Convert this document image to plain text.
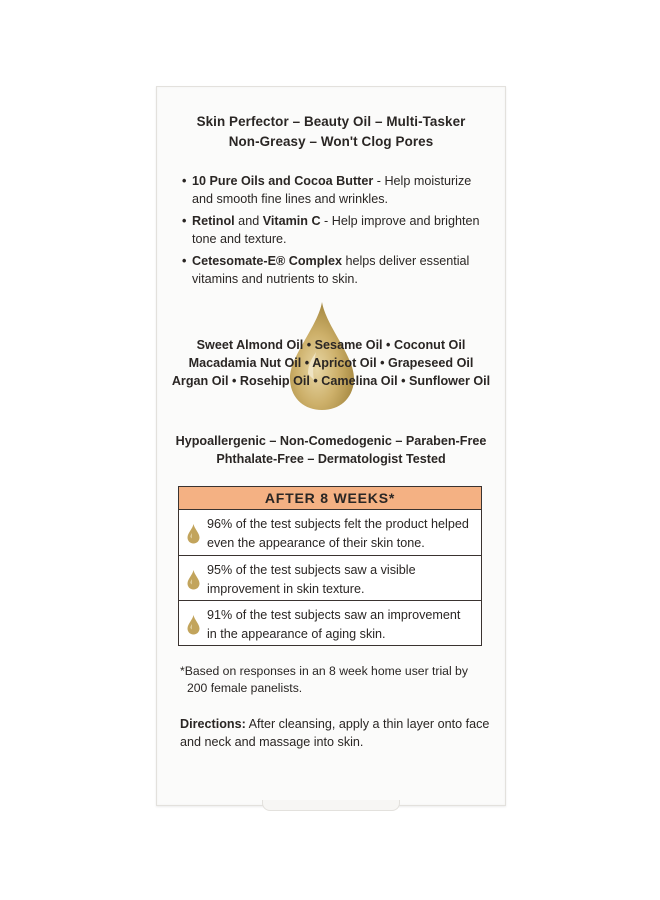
Skin Perfector – Beauty Oil – Multi-Tasker
Non-Greasy – Won't Clog Pores
• 10 Pure Oils and Cocoa Butter - Help moisturize and smooth fine lines and wrinkles.
• Retinol and Vitamin C - Help improve and brighten tone and texture.
• Cetesomate-E® Complex helps deliver essential vitamins and nutrients to skin.
Sweet Almond Oil • Sesame Oil • Coconut Oil
Macadamia Nut Oil • Apricot Oil • Grapeseed Oil
Argan Oil • Rosehip Oil • Camelina Oil • Sunflower Oil
Hypoallergenic – Non-Comedogenic – Paraben-Free
Phthalate-Free – Dermatologist Tested
AFTER 8 WEEKS*
96% of the test subjects felt the product helped
even the appearance of their skin tone.
95% of the test subjects saw a visible
improvement in skin texture.
91% of the test subjects saw an improvement
in the appearance of aging skin.
*Based on responses in an 8 week home user trial by
200 female panelists.
Directions: After cleansing, apply a thin layer onto face and neck and massage into skin.
